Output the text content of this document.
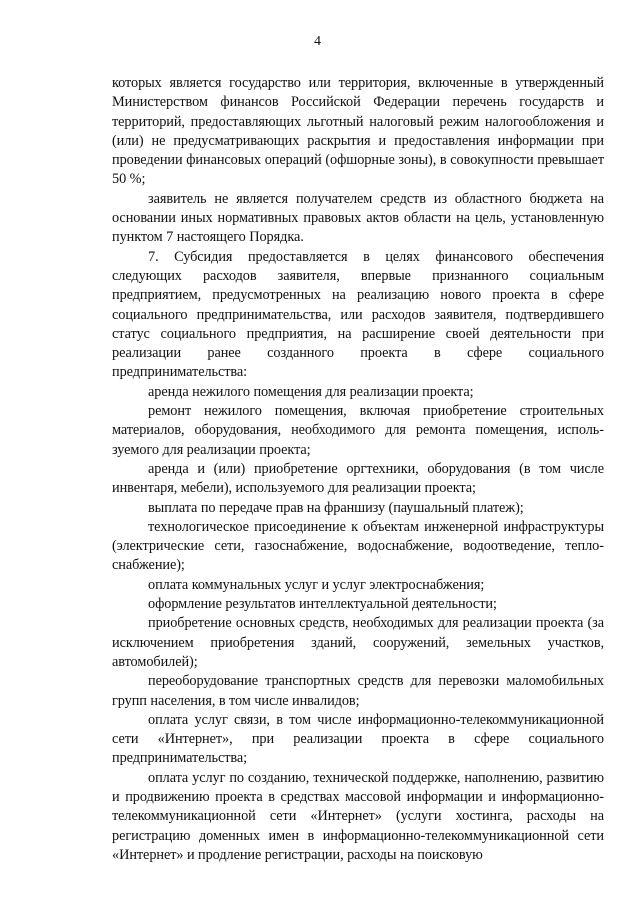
4

которых является государство или территория, включенные в утвержденный Министерством финансов Российской Федерации перечень государств и территорий, предоставляющих льготный налоговый режим налогообложения и (или) не предусматривающих раскрытия и предоставления информации при проведении финансовых операций (офшорные зоны), в совокупности превышает 50 %;

заявитель не является получателем средств из областного бюджета на основании иных нормативных правовых актов области на цель, установленную пунктом 7 настоящего Порядка.

7. Субсидия предоставляется в целях финансового обеспечения следующих расходов заявителя, впервые признанного социальным предприятием, предусмотренных на реализацию нового проекта в сфере социального предпринимательства, или расходов заявителя, подтвердившего статус социального предприятия, на расширение своей деятельности при реализации ранее созданного проекта в сфере социального предпринимательства:

аренда нежилого помещения для реализации проекта;

ремонт нежилого помещения, включая приобретение строительных материалов, оборудования, необходимого для ремонта помещения, используемого для реализации проекта;

аренда и (или) приобретение оргтехники, оборудования (в том числе инвентаря, мебели), используемого для реализации проекта;

выплата по передаче прав на франшизу (паушальный платеж);

технологическое присоединение к объектам инженерной инфраструктуры (электрические сети, газоснабжение, водоснабжение, водоотведение, теплоснабжение);

оплата коммунальных услуг и услуг электроснабжения;

оформление результатов интеллектуальной деятельности;

приобретение основных средств, необходимых для реализации проекта (за исключением приобретения зданий, сооружений, земельных участков, автомобилей);

переоборудование транспортных средств для перевозки маломобильных групп населения, в том числе инвалидов;

оплата услуг связи, в том числе информационно-телекоммуникационной сети «Интернет», при реализации проекта в сфере социального предпринимательства;

оплата услуг по созданию, технической поддержке, наполнению, развитию и продвижению проекта в средствах массовой информации и информационно-телекоммуникационной сети «Интернет» (услуги хостинга, расходы на регистрацию доменных имен в информационно-телекоммуникационной сети «Интернет» и продление регистрации, расходы на поисковую
